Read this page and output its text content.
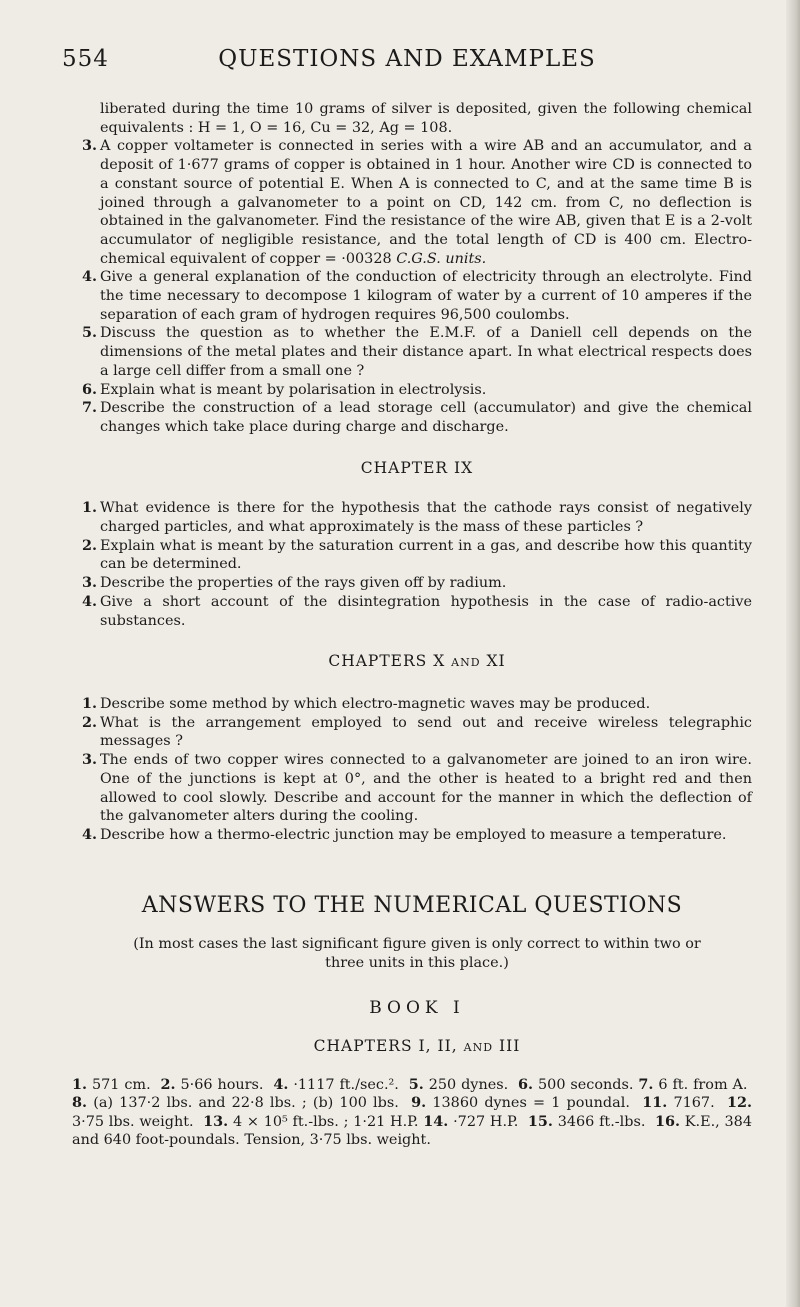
554	QUESTIONS AND EXAMPLES
liberated during the time 10 grams of silver is deposited, given the following chemical equivalents : H = 1, O = 16, Cu = 32, Ag = 108.
3. A copper voltameter is connected in series with a wire AB and an accumulator, and a deposit of 1·677 grams of copper is obtained in 1 hour. Another wire CD is connected to a constant source of potential E. When A is connected to C, and at the same time B is joined through a galvanometer to a point on CD, 142 cm. from C, no deflection is obtained in the galvanometer. Find the resistance of the wire AB, given that E is a 2-volt accumulator of negligible resistance, and the total length of CD is 400 cm. Electro-chemical equivalent of copper = ·00328 C.G.S. units.
4. Give a general explanation of the conduction of electricity through an electrolyte. Find the time necessary to decompose 1 kilogram of water by a current of 10 amperes if the separation of each gram of hydrogen requires 96,500 coulombs.
5. Discuss the question as to whether the E.M.F. of a Daniell cell depends on the dimensions of the metal plates and their distance apart. In what electrical respects does a large cell differ from a small one ?
6. Explain what is meant by polarisation in electrolysis.
7. Describe the construction of a lead storage cell (accumulator) and give the chemical changes which take place during charge and discharge.
CHAPTER IX
1. What evidence is there for the hypothesis that the cathode rays consist of negatively charged particles, and what approximately is the mass of these particles ?
2. Explain what is meant by the saturation current in a gas, and describe how this quantity can be determined.
3. Describe the properties of the rays given off by radium.
4. Give a short account of the disintegration hypothesis in the case of radio-active substances.
CHAPTERS X AND XI
1. Describe some method by which electro-magnetic waves may be produced.
2. What is the arrangement employed to send out and receive wireless telegraphic messages ?
3. The ends of two copper wires connected to a galvanometer are joined to an iron wire. One of the junctions is kept at 0°, and the other is heated to a bright red and then allowed to cool slowly. Describe and account for the manner in which the deflection of the galvanometer alters during the cooling.
4. Describe how a thermo-electric junction may be employed to measure a temperature.
ANSWERS TO THE NUMERICAL QUESTIONS
(In most cases the last significant figure given is only correct to within two or three units in this place.)
BOOK I
CHAPTERS I, II, AND III
1. 571 cm. 2. 5·66 hours. 4. ·1117 ft./sec.². 5. 250 dynes. 6. 500 seconds. 7. 6 ft. from A.  8. (a) 137·2 lbs. and 22·8 lbs. ; (b) 100 lbs. 9. 13860 dynes = 1 poundal. 11. 7167. 12. 3·75 lbs. weight. 13. 4 × 10⁵ ft.-lbs. ; 1·21 H.P. 14. ·727 H.P. 15. 3466 ft.-lbs. 16. K.E., 384 and 640 foot-poundals. Tension, 3·75 lbs. weight.
